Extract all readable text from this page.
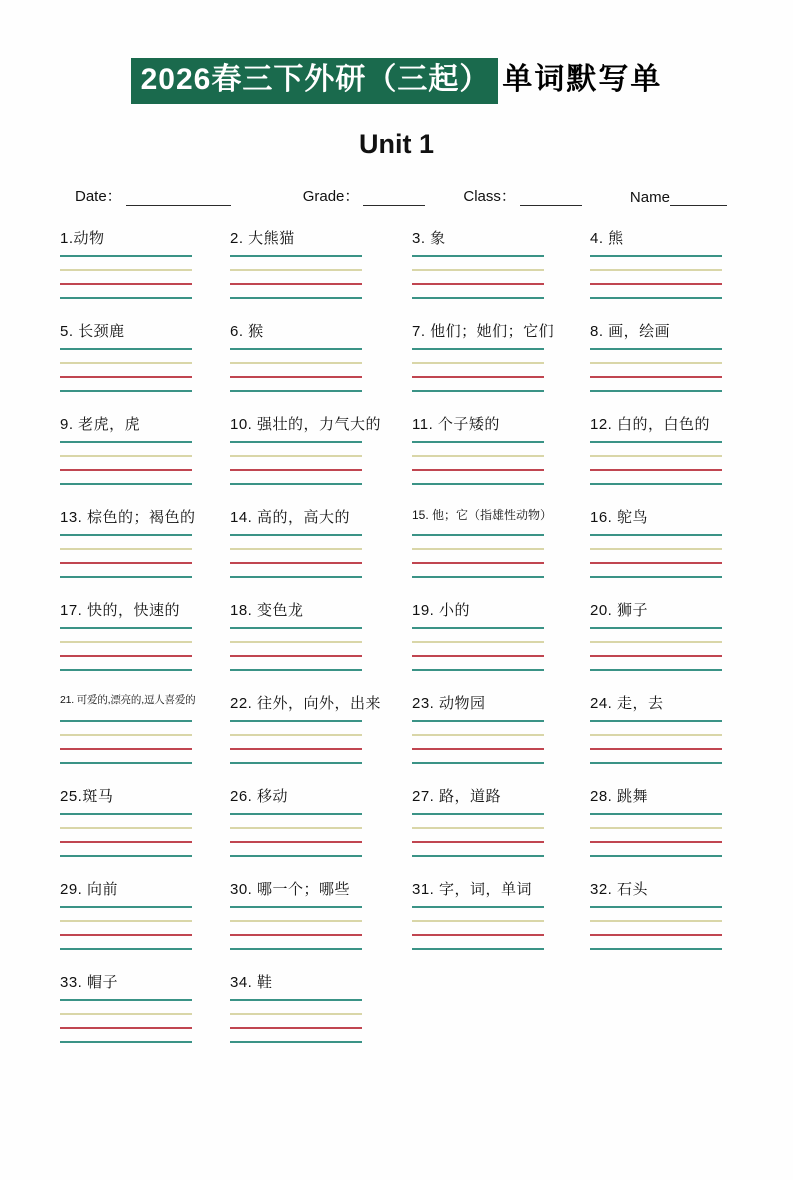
2026春三下外研（三起） 单词默写单
Unit 1
Date：	Grade：	Class：	Name
1.动物	2. 大熊猫	3. 象	4. 熊
5. 长颈鹿	6. 猴	7. 他们；她们；它们	8. 画，绘画
9. 老虎，虎	10. 强壮的，力气大的	11. 个子矮的	12. 白的，白色的
13. 棕色的；褐色的	14. 高的，高大的	15. 他；它（指雄性动物）	16. 鸵鸟
17. 快的，快速的	18. 变色龙	19. 小的	20. 狮子
21. 可爱的,漂亮的,逗人喜爱的	22. 往外，向外，出来	23. 动物园	24. 走，去
25.斑马	26. 移动	27. 路，道路	28. 跳舞
29. 向前	30. 哪一个；哪些	31. 字，词，单词	32. 石头
33. 帽子	34. 鞋
